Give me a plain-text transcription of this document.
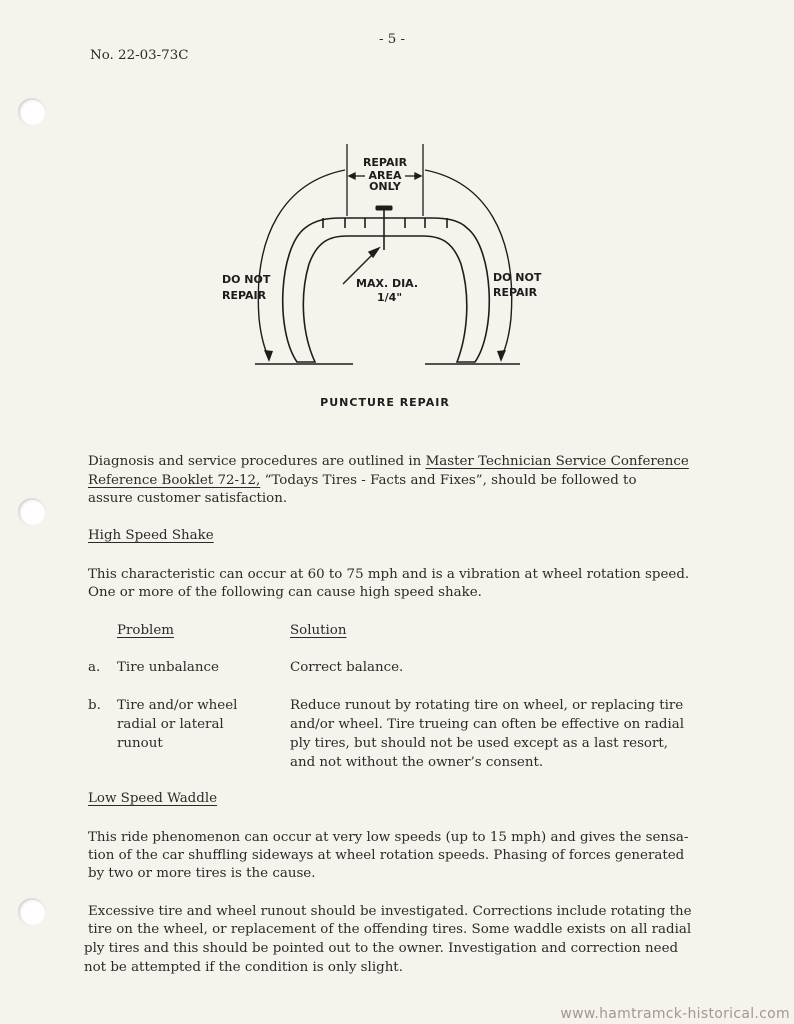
No. 22-03-73C
- 5 -
REPAIR
AREA
ONLY
DO NOT
REPAIR
DO NOT
REPAIR
MAX. DIA.
1/4"
PUNCTURE REPAIR
Diagnosis and service procedures are outlined in Master Technician Service Conference
Reference Booklet 72-12, “Todays Tires - Facts and Fixes”, should be followed to
assure customer satisfaction.
High Speed Shake
This characteristic can occur at 60 to 75 mph and is a vibration at wheel rotation speed.
One or more of the following can cause high speed shake.
Problem	Solution
a. Tire unbalance	Correct balance.
b. Tire and/or wheel
radial or lateral
runout
Reduce runout by rotating tire on wheel, or replacing tire
and/or wheel. Tire trueing can often be effective on radial
ply tires, but should not be used except as a last resort,
and not without the owner’s consent.
Low Speed Waddle
This ride phenomenon can occur at very low speeds (up to 15 mph) and gives the sensa-
tion of the car shuffling sideways at wheel rotation speeds. Phasing of forces generated
by two or more tires is the cause.
Excessive tire and wheel runout should be investigated. Corrections include rotating the
tire on the wheel, or replacement of the offending tires. Some waddle exists on all radial
ply tires and this should be pointed out to the owner. Investigation and correction need
not be attempted if the condition is only slight.
www.hamtramck-historical.com
